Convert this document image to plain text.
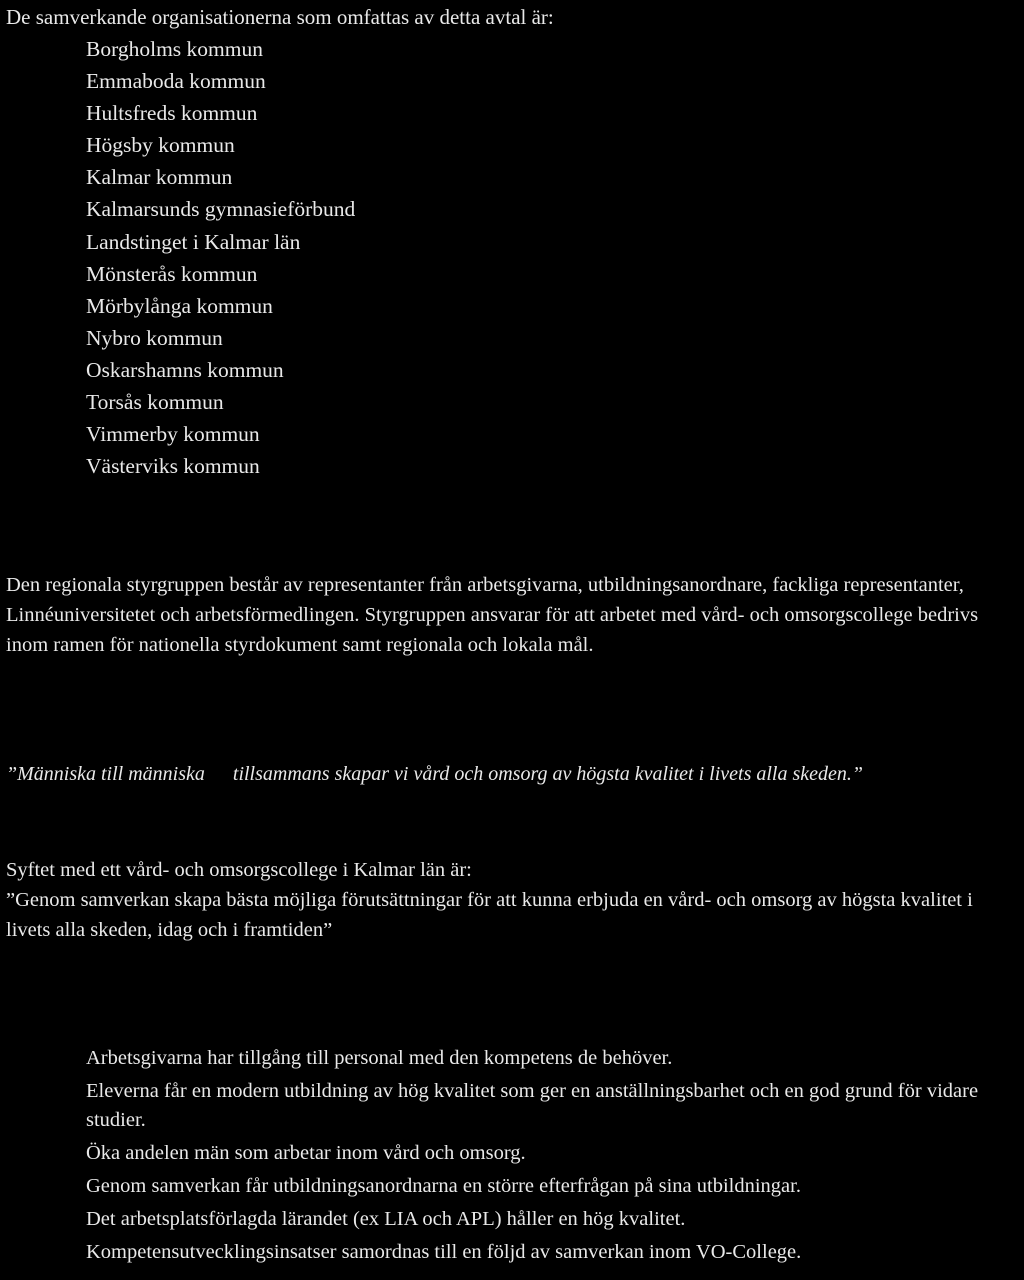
De samverkande organisationerna som omfattas av detta avtal är:

Borgholms kommun
Emmaboda kommun
Hultsfreds kommun
Högsby kommun
Kalmar kommun
Kalmarsunds gymnasieförbund
Landstinget i Kalmar län
Mönsterås kommun
Mörbylånga kommun
Nybro kommun
Oskarshamns kommun
Torsås kommun
Vimmerby kommun
Västerviks kommun

Den regionala styrgruppen består av representanter från arbetsgivarna, utbildningsanordnare, fackliga representanter, Linnéuniversitetet och arbetsförmedlingen. Styrgruppen ansvarar för att arbetet med vård- och omsorgscollege bedrivs inom ramen för nationella styrdokument samt regionala och lokala mål.

”Människa till människa tillsammans skapar vi vård och omsorg av högsta kvalitet i livets alla skeden.”

Syftet med ett vård- och omsorgscollege i Kalmar län är:

”Genom samverkan skapa bästa möjliga förutsättningar för att kunna erbjuda en vård- och omsorg av högsta kvalitet i livets alla skeden, idag och i framtiden”

Arbetsgivarna har tillgång till personal med den kompetens de behöver.
Eleverna får en modern utbildning av hög kvalitet som ger en anställningsbarhet och en god grund för vidare studier.
Öka andelen män som arbetar inom vård och omsorg.
Genom samverkan får utbildningsanordnarna en större efterfrågan på sina utbildningar.
Det arbetsplatsförlagda lärandet (ex LIA och APL) håller en hög kvalitet.
Kompetensutvecklingsinsatser samordnas till en följd av samverkan inom VO-College.
